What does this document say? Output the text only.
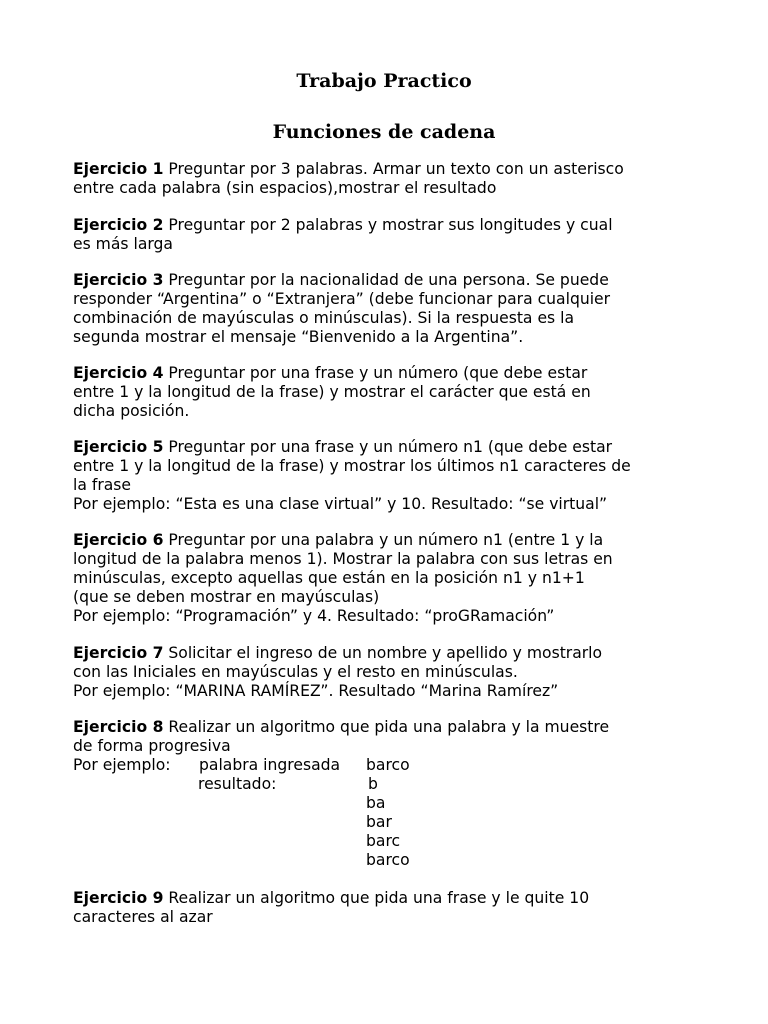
Trabajo Practico
Funciones de cadena

Ejercicio 1 Preguntar por 3 palabras. Armar un texto con un asterisco
entre cada palabra (sin espacios),mostrar el resultado

Ejercicio 2 Preguntar por 2 palabras y mostrar sus longitudes y cual
es más larga

Ejercicio 3 Preguntar por la nacionalidad de una persona. Se puede
responder “Argentina” o “Extranjera” (debe funcionar para cualquier
combinación de mayúsculas o minúsculas). Si la respuesta es la
segunda mostrar el mensaje “Bienvenido a la Argentina”.

Ejercicio 4 Preguntar por una frase y un número (que debe estar
entre 1 y la longitud de la frase) y mostrar el carácter que está en
dicha posición.

Ejercicio 5 Preguntar por una frase y un número n1 (que debe estar
entre 1 y la longitud de la frase) y mostrar los últimos n1 caracteres de
la frase
Por ejemplo: “Esta es una clase virtual” y 10. Resultado: “se virtual”

Ejercicio 6 Preguntar por una palabra y un número n1 (entre 1 y la
longitud de la palabra menos 1). Mostrar la palabra con sus letras en
minúsculas, excepto aquellas que están en la posición n1 y n1+1
(que se deben mostrar en mayúsculas)
Por ejemplo: “Programación” y 4. Resultado: “proGRamación”

Ejercicio 7 Solicitar el ingreso de un nombre y apellido y mostrarlo
con las Iniciales en mayúsculas y el resto en minúsculas.
Por ejemplo: “MARINA RAMÍREZ”. Resultado “Marina Ramírez”

Ejercicio 8 Realizar un algoritmo que pida una palabra y la muestre
de forma progresiva

Por ejemplo: palabra ingresada barco
resultado:	b
ba
bar
barc
barco

Ejercicio 9 Realizar un algoritmo que pida una frase y le quite 10
caracteres al azar
